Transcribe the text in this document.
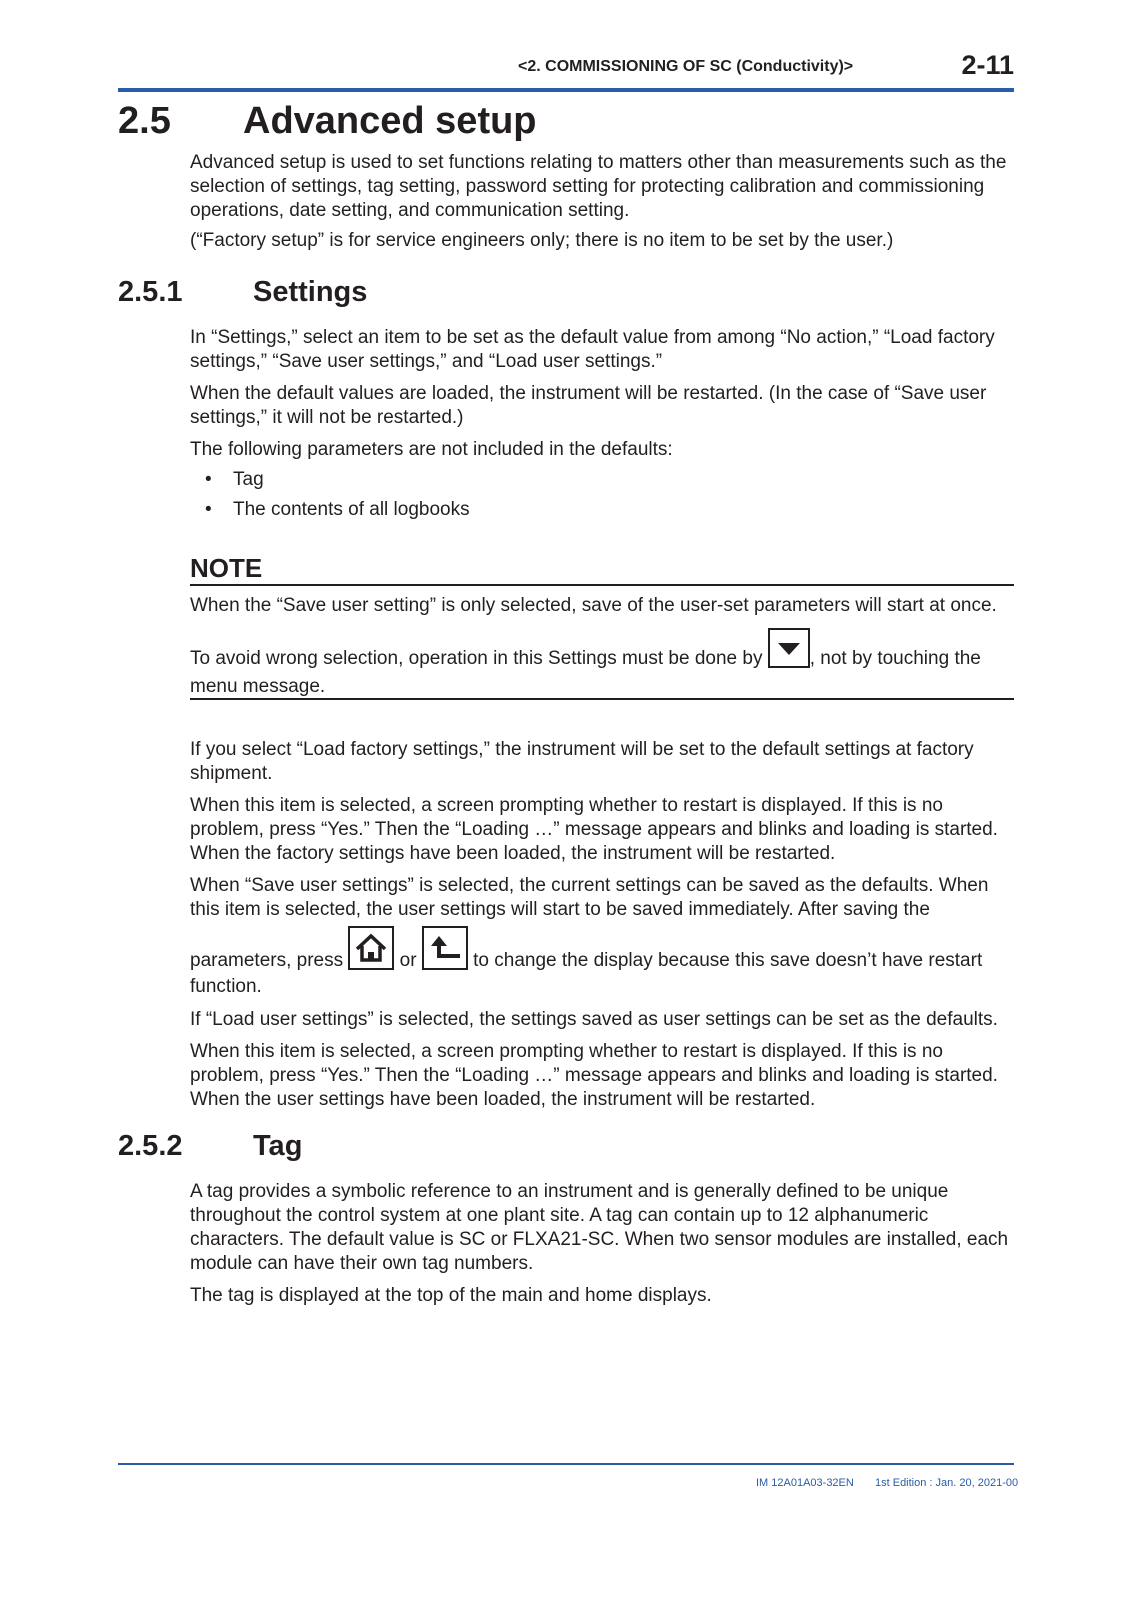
<2. COMMISSIONING OF SC (Conductivity)>	2-11
2.5 Advanced setup

Advanced setup is used to set functions relating to matters other than measurements such as the selection of settings, tag setting, password setting for protecting calibration and commissioning operations, date setting, and communication setting.

(“Factory setup” is for service engineers only; there is no item to be set by the user.)

2.5.1 Settings

In “Settings,” select an item to be set as the default value from among “No action,” “Load factory settings,” “Save user settings,” and “Load user settings.”

When the default values are loaded, the instrument will be restarted. (In the case of “Save user settings,” it will not be restarted.)

The following parameters are not included in the defaults:

• Tag
• The contents of all logbooks
NOTE

When the “Save user setting” is only selected, save of the user-set parameters will start at once.

To avoid wrong selection, operation in this Settings must be done by
, not by touching the menu message.

If you select “Load factory settings,” the instrument will be set to the default settings at factory shipment.

When this item is selected, a screen prompting whether to restart is displayed. If this is no problem, press “Yes.” Then the “Loading …” message appears and blinks and loading is started. When the factory settings have been loaded, the instrument will be restarted.

When “Save user settings” is selected, the current settings can be saved as the defaults. When this item is selected, the user settings will start to be saved immediately. After saving the

parameters, press
or
to change the display because this save doesn’t have restart function.

If “Load user settings” is selected, the settings saved as user settings can be set as the defaults.

When this item is selected, a screen prompting whether to restart is displayed. If this is no problem, press “Yes.” Then the “Loading …” message appears and blinks and loading is started. When the user settings have been loaded, the instrument will be restarted.

2.5.2 Tag

A tag provides a symbolic reference to an instrument and is generally defined to be unique throughout the control system at one plant site. A tag can contain up to 12 alphanumeric characters. The default value is SC or FLXA21-SC. When two sensor modules are installed, each module can have their own tag numbers.

The tag is displayed at the top of the main and home displays.

IM 12A01A03-32EN 1st Edition : Jan. 20, 2021-00
